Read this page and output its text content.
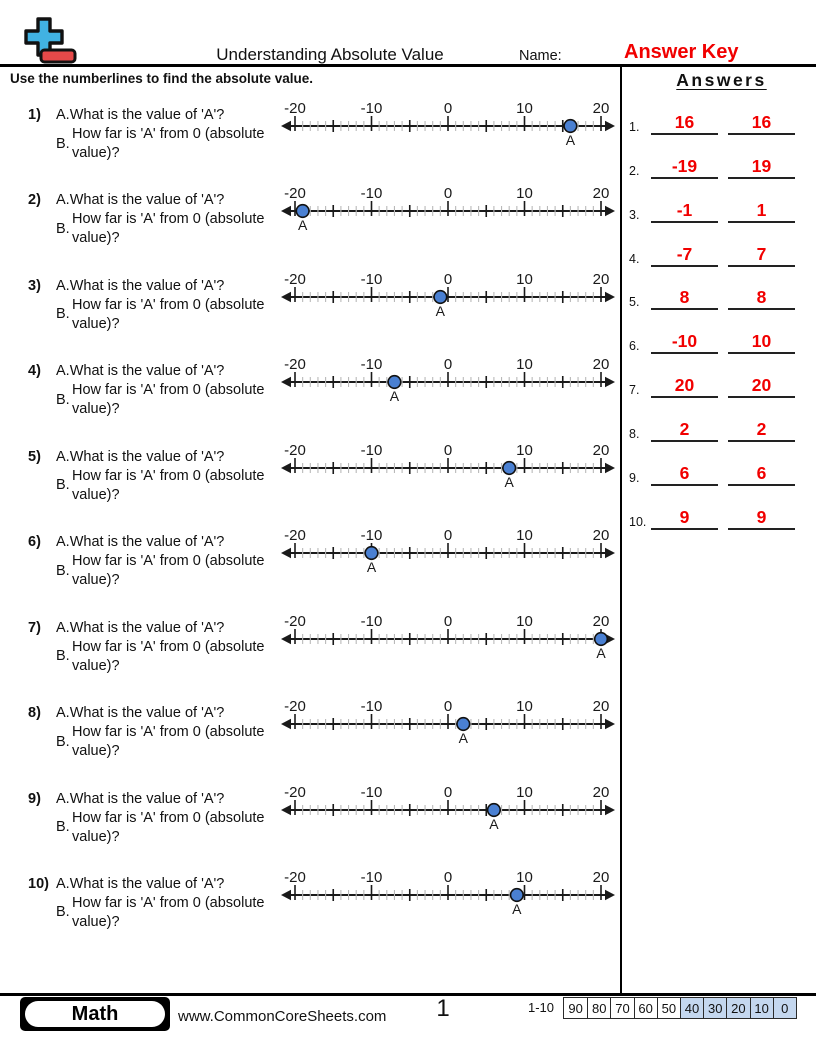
Understanding Absolute Value	Name:	Answer Key
Use the numberlines to find the absolute value.
1)	A. What is the value of 'A'?
B.
How far is 'A' from 0 (absolute value)?
-20	-10	0	10	20
A
2)	A. What is the value of 'A'?
B.
How far is 'A' from 0 (absolute value)?
-20	-10	0	10	20
A
3)	A. What is the value of 'A'?
B.
How far is 'A' from 0 (absolute value)?
-20	-10	0	10	20
A
4)	A. What is the value of 'A'?
B.
How far is 'A' from 0 (absolute value)?
-20	-10	0	10	20
A
5)	A. What is the value of 'A'?
B.
How far is 'A' from 0 (absolute value)?
-20	-10	0	10	20
A
6)	A. What is the value of 'A'?
B.
How far is 'A' from 0 (absolute value)?
-20	-10	0	10	20
A
7)	A. What is the value of 'A'?
B.
How far is 'A' from 0 (absolute value)?
-20	-10	0	10	20
A
8)	A. What is the value of 'A'?
B.
How far is 'A' from 0 (absolute value)?
-20	-10	0	10	20
A
9)	A. What is the value of 'A'?
B.
How far is 'A' from 0 (absolute value)?
-20	-10	0	10	20
A
10) A. What is the value of 'A'?
B.
How far is 'A' from 0 (absolute value)?
-20	-10	0	10	20
A
Answers
1.	16	16
2.	-19	19
3.	-1	1
4.	-7	7
5.	8	8
6.	-10	10
7.	20	20
8.	2	2
9.	6	6
10.	9	9
Math	www.CommonCoreSheets.com	1	1-10	90 80 70 60 50 40 30 20 10 0
